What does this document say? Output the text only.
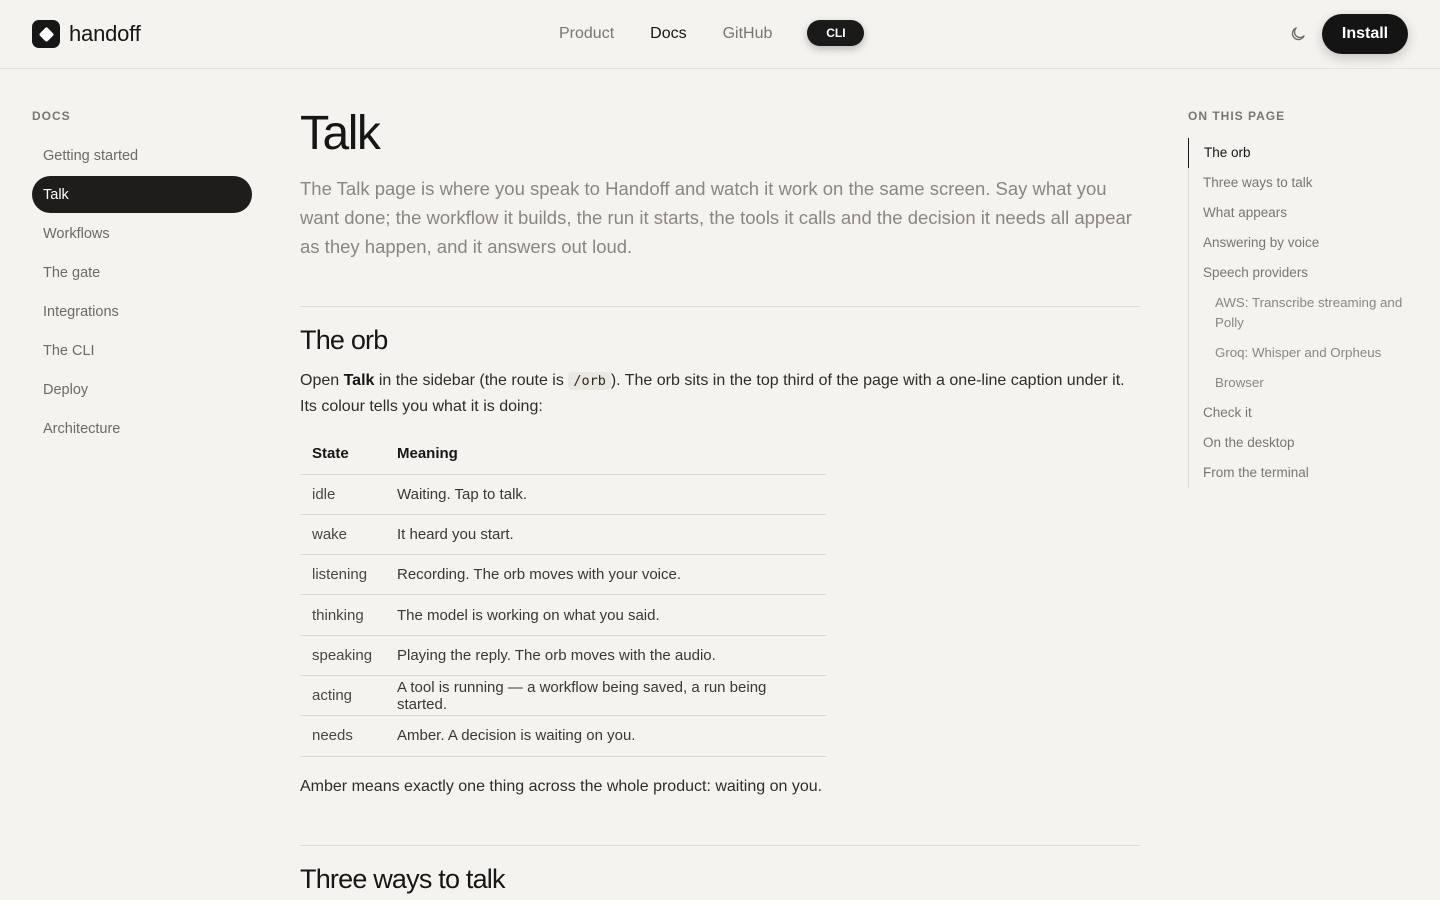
handoff	Product Docs GitHub	CLI	Install
DOCS
Getting started
Talk
Workflows
The gate
Integrations
The CLI
Deploy
Architecture
Talk

The Talk page is where you speak to Handoff and watch it work on the same screen. Say what you want done; the workflow it builds, the run it starts, the tools it calls and the decision it needs all appear as they happen, and it answers out loud.

The orb

Open Talk in the sidebar (the route is /orb ). The orb sits in the top third of the page with a one-line caption under it. Its colour tells you what it is doing:

State	Meaning
idle	Waiting. Tap to talk.
wake	It heard you start.
listening	Recording. The orb moves with your voice.
thinking	The model is working on what you said.
speaking	Playing the reply. The orb moves with the audio.
acting	A tool is running — a workflow being saved, a run being started.
needs	Amber. A decision is waiting on you.

Amber means exactly one thing across the whole product: waiting on you.

Three ways to talk
ON THIS PAGE
The orb
Three ways to talk
What appears
Answering by voice
Speech providers
AWS: Transcribe streaming and Polly
Groq: Whisper and Orpheus
Browser
Check it
On the desktop
From the terminal
